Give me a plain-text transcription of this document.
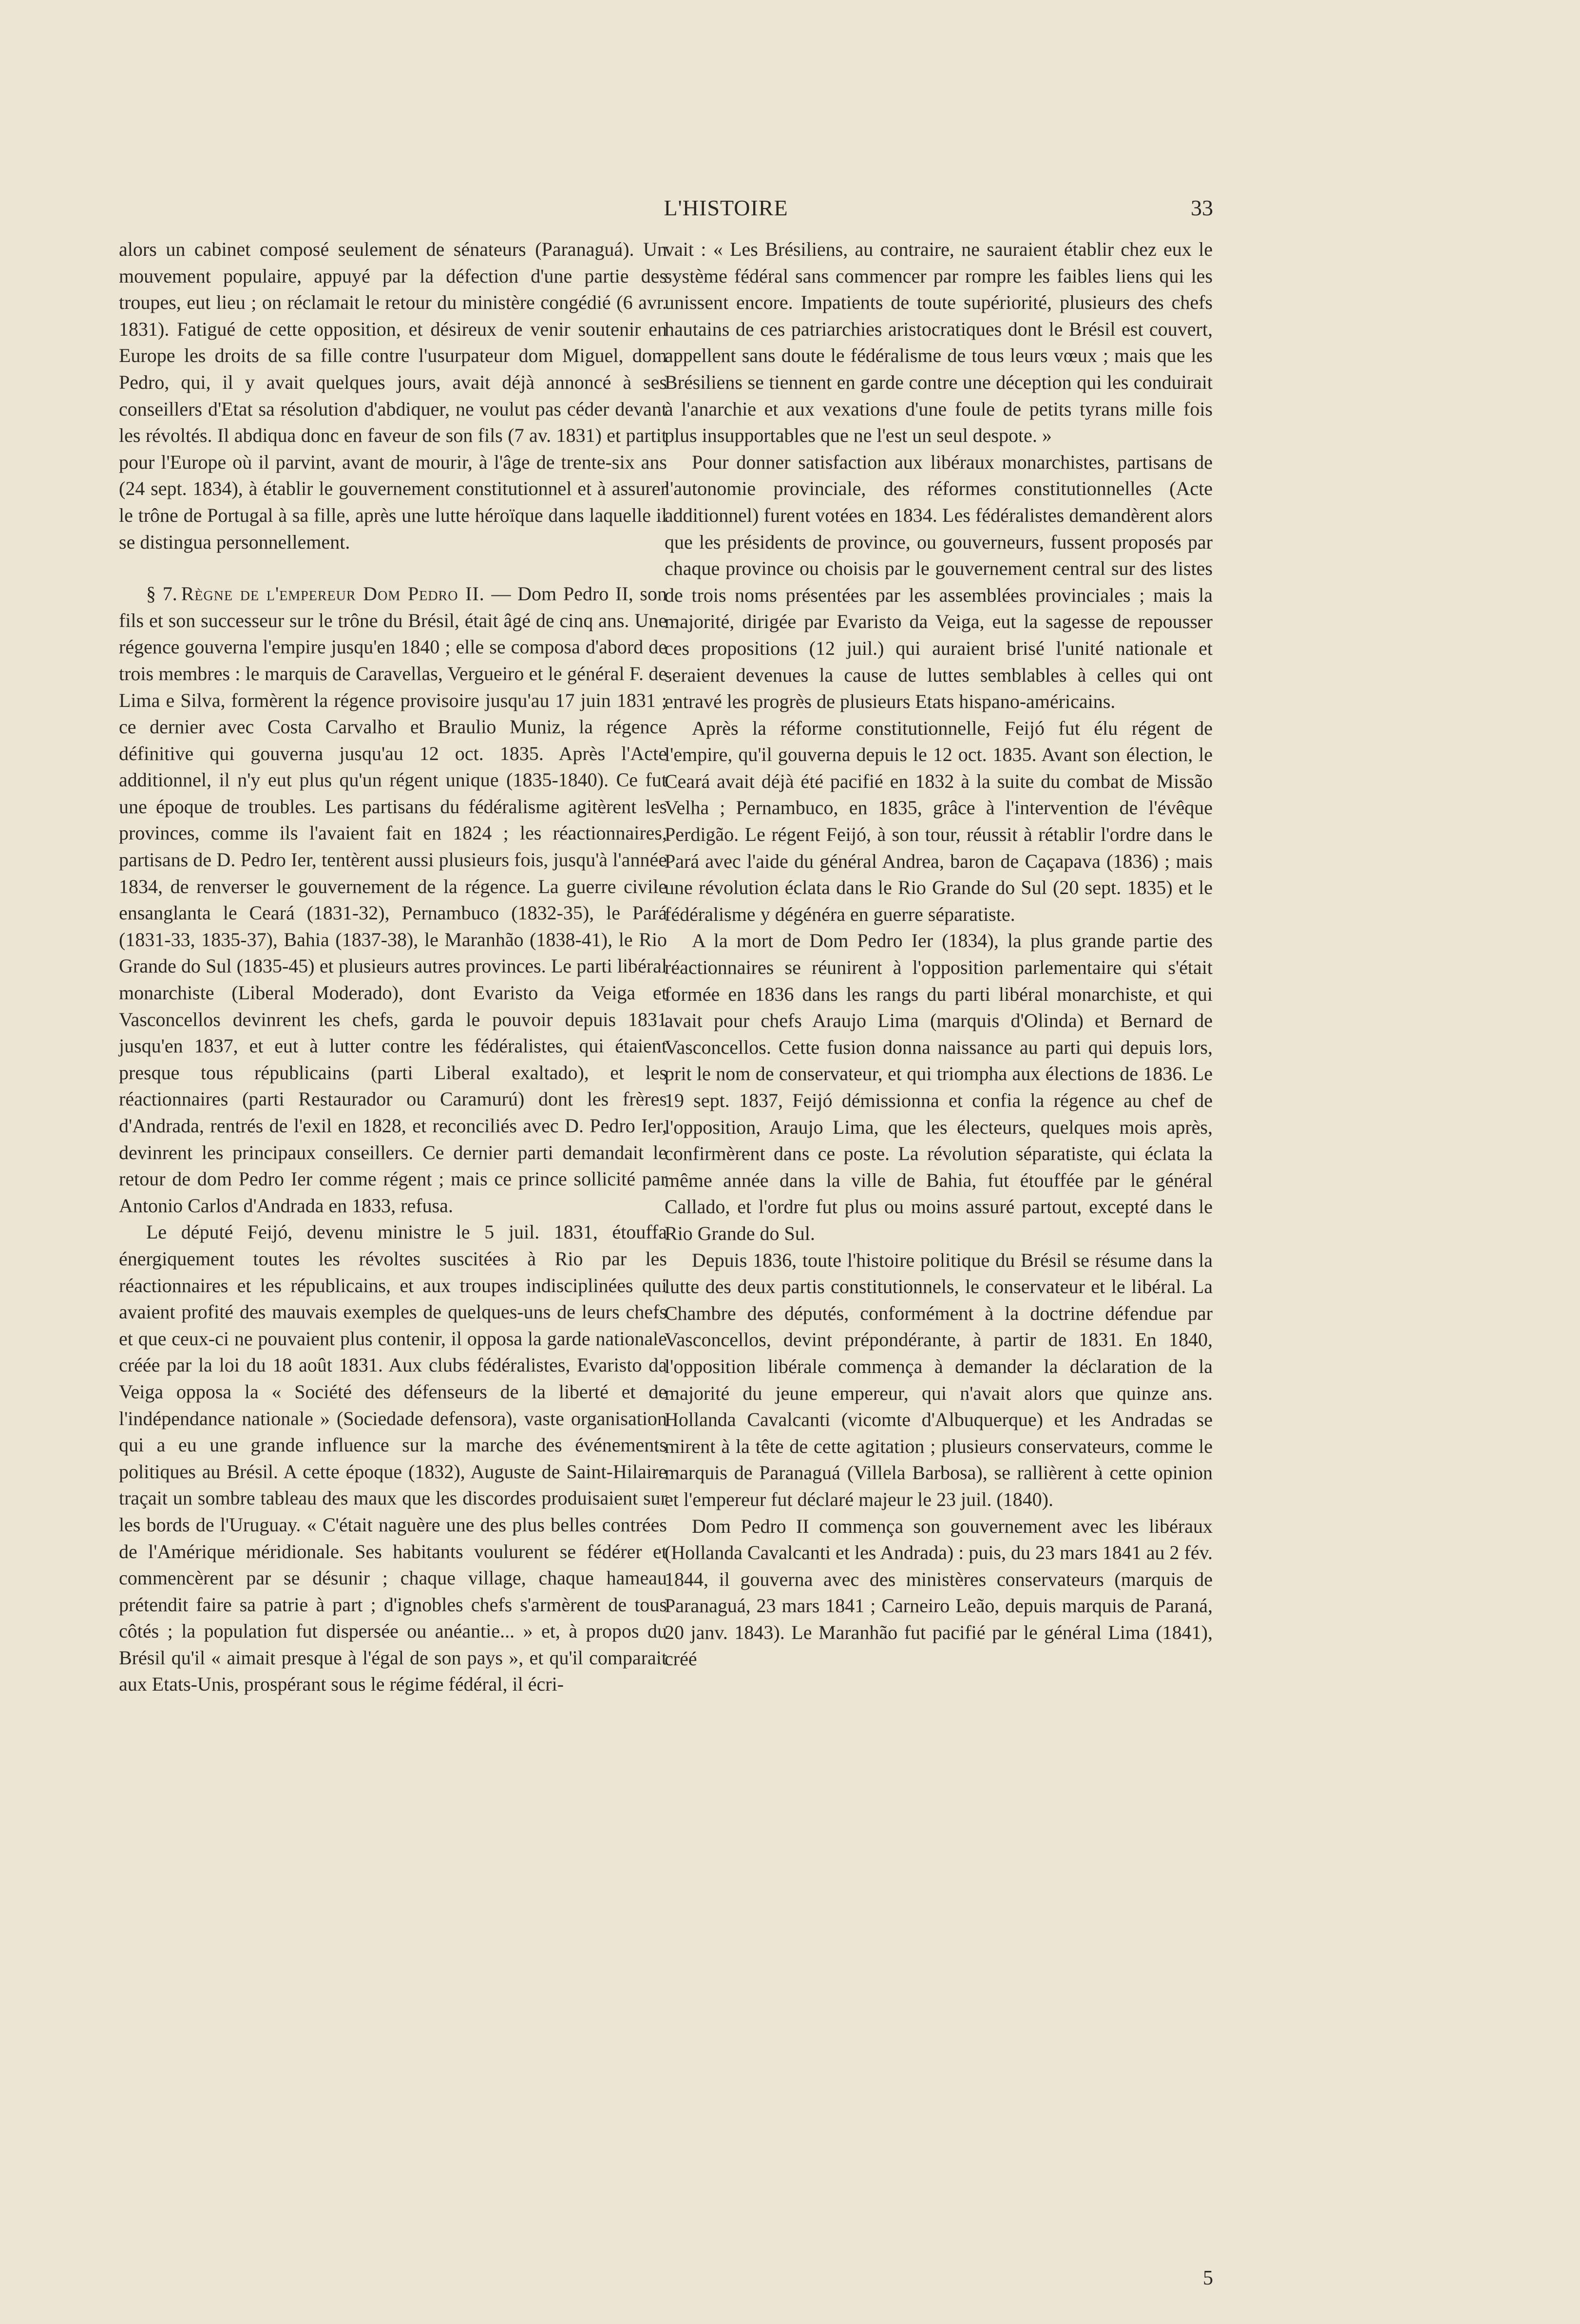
L'HISTOIRE	33

alors un cabinet composé seulement de sénateurs (Paranaguá). Un mouvement populaire, appuyé par la défection d'une partie des troupes, eut lieu ; on réclamait le retour du ministère congédié (6 avr. 1831). Fatigué de cette opposition, et désireux de venir soutenir en Europe les droits de sa fille contre l'usurpateur dom Miguel, dom Pedro, qui, il y avait quelques jours, avait déjà annoncé à ses conseillers d'Etat sa résolution d'abdiquer, ne voulut pas céder devant les révoltés. Il abdiqua donc en faveur de son fils (7 av. 1831) et partit pour l'Europe où il parvint, avant de mourir, à l'âge de trente-six ans (24 sept. 1834), à établir le gouvernement constitutionnel et à assurer le trône de Portugal à sa fille, après une lutte héroïque dans laquelle il se distingua personnellement.

§ 7. Règne de l'empereur Dom Pedro II. — Dom Pedro II, son fils et son successeur sur le trône du Brésil, était âgé de cinq ans. Une régence gouverna l'empire jusqu'en 1840 ; elle se composa d'abord de trois membres : le marquis de Caravellas, Vergueiro et le général F. de Lima e Silva, formèrent la régence provisoire jusqu'au 17 juin 1831 ; ce dernier avec Costa Carvalho et Braulio Muniz, la régence définitive qui gouverna jusqu'au 12 oct. 1835. Après l'Acte additionnel, il n'y eut plus qu'un régent unique (1835-1840). Ce fut une époque de troubles. Les partisans du fédéralisme agitèrent les provinces, comme ils l'avaient fait en 1824 ; les réactionnaires, partisans de D. Pedro Ier, tentèrent aussi plusieurs fois, jusqu'à l'année 1834, de renverser le gouvernement de la régence. La guerre civile ensanglanta le Ceará (1831-32), Pernambuco (1832-35), le Pará (1831-33, 1835-37), Bahia (1837-38), le Maranhão (1838-41), le Rio Grande do Sul (1835-45) et plusieurs autres provinces. Le parti libéral monarchiste (Liberal Moderado), dont Evaristo da Veiga et Vasconcellos devinrent les chefs, garda le pouvoir depuis 1831 jusqu'en 1837, et eut à lutter contre les fédéralistes, qui étaient presque tous républicains (parti Liberal exaltado), et les réactionnaires (parti Restaurador ou Caramurú) dont les frères d'Andrada, rentrés de l'exil en 1828, et reconciliés avec D. Pedro Ier, devinrent les principaux conseillers. Ce dernier parti demandait le retour de dom Pedro Ier comme régent ; mais ce prince sollicité par Antonio Carlos d'Andrada en 1833, refusa.

Le député Feijó, devenu ministre le 5 juil. 1831, étouffa énergiquement toutes les révoltes suscitées à Rio par les réactionnaires et les républicains, et aux troupes indisciplinées qui avaient profité des mauvais exemples de quelques-uns de leurs chefs et que ceux-ci ne pouvaient plus contenir, il opposa la garde nationale créée par la loi du 18 août 1831. Aux clubs fédéralistes, Evaristo da Veiga opposa la « Société des défenseurs de la liberté et de l'indépendance nationale » (Sociedade defensora), vaste organisation qui a eu une grande influence sur la marche des événements politiques au Brésil. A cette époque (1832), Auguste de Saint-Hilaire traçait un sombre tableau des maux que les discordes produisaient sur les bords de l'Uruguay. « C'était naguère une des plus belles contrées de l'Amérique méridionale. Ses habitants voulurent se fédérer et commencèrent par se désunir ; chaque village, chaque hameau prétendit faire sa patrie à part ; d'ignobles chefs s'armèrent de tous côtés ; la population fut dispersée ou anéantie... » et, à propos du Brésil qu'il « aimait presque à l'égal de son pays », et qu'il comparait aux Etats-Unis, prospérant sous le régime fédéral, il écri-

vait : « Les Brésiliens, au contraire, ne sauraient établir chez eux le système fédéral sans commencer par rompre les faibles liens qui les unissent encore. Impatients de toute supériorité, plusieurs des chefs hautains de ces patriarchies aristocratiques dont le Brésil est couvert, appellent sans doute le fédéralisme de tous leurs vœux ; mais que les Brésiliens se tiennent en garde contre une déception qui les conduirait à l'anarchie et aux vexations d'une foule de petits tyrans mille fois plus insupportables que ne l'est un seul despote. »

Pour donner satisfaction aux libéraux monarchistes, partisans de l'autonomie provinciale, des réformes constitutionnelles (Acte additionnel) furent votées en 1834. Les fédéralistes demandèrent alors que les présidents de province, ou gouverneurs, fussent proposés par chaque province ou choisis par le gouvernement central sur des listes de trois noms présentées par les assemblées provinciales ; mais la majorité, dirigée par Evaristo da Veiga, eut la sagesse de repousser ces propositions (12 juil.) qui auraient brisé l'unité nationale et seraient devenues la cause de luttes semblables à celles qui ont entravé les progrès de plusieurs Etats hispano-américains.

Après la réforme constitutionnelle, Feijó fut élu régent de l'empire, qu'il gouverna depuis le 12 oct. 1835. Avant son élection, le Ceará avait déjà été pacifié en 1832 à la suite du combat de Missão Velha ; Pernambuco, en 1835, grâce à l'intervention de l'évêque Perdigão. Le régent Feijó, à son tour, réussit à rétablir l'ordre dans le Pará avec l'aide du général Andrea, baron de Caçapava (1836) ; mais une révolution éclata dans le Rio Grande do Sul (20 sept. 1835) et le fédéralisme y dégénéra en guerre séparatiste.

A la mort de Dom Pedro Ier (1834), la plus grande partie des réactionnaires se réunirent à l'opposition parlementaire qui s'était formée en 1836 dans les rangs du parti libéral monarchiste, et qui avait pour chefs Araujo Lima (marquis d'Olinda) et Bernard de Vasconcellos. Cette fusion donna naissance au parti qui depuis lors, prit le nom de conservateur, et qui triompha aux élections de 1836. Le 19 sept. 1837, Feijó démissionna et confia la régence au chef de l'opposition, Araujo Lima, que les électeurs, quelques mois après, confirmèrent dans ce poste. La révolution séparatiste, qui éclata la même année dans la ville de Bahia, fut étouffée par le général Callado, et l'ordre fut plus ou moins assuré partout, excepté dans le Rio Grande do Sul.

Depuis 1836, toute l'histoire politique du Brésil se résume dans la lutte des deux partis constitutionnels, le conservateur et le libéral. La Chambre des députés, conformément à la doctrine défendue par Vasconcellos, devint prépondérante, à partir de 1831. En 1840, l'opposition libérale commença à demander la déclaration de la majorité du jeune empereur, qui n'avait alors que quinze ans. Hollanda Cavalcanti (vicomte d'Albuquerque) et les Andradas se mirent à la tête de cette agitation ; plusieurs conservateurs, comme le marquis de Paranaguá (Villela Barbosa), se rallièrent à cette opinion et l'empereur fut déclaré majeur le 23 juil. (1840).

Dom Pedro II commença son gouvernement avec les libéraux (Hollanda Cavalcanti et les Andrada) : puis, du 23 mars 1841 au 2 fév. 1844, il gouverna avec des ministères conservateurs (marquis de Paranaguá, 23 mars 1841 ; Carneiro Leão, depuis marquis de Paraná, 20 janv. 1843). Le Maranhão fut pacifié par le général Lima (1841), créé

5
